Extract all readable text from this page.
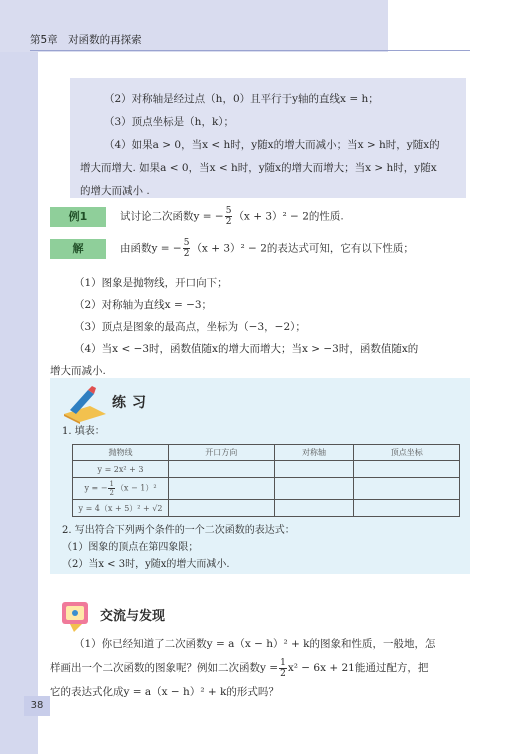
第5章　对函数的再探索

（2）对称轴是经过点（h，0）且平行于y轴的直线x = h；

（3）顶点坐标是（h，k）；

（4）如果a > 0，当x < h时，y随x的增大而减小；当x > h时，y随x的

增大而增大. 如果a < 0，当x < h时，y随x的增大而增大；当x > h时，y随x

的增大而减小 .

例1	试讨论二次函数y = − $\frac{5}{2} (x + 3)^2 - 2$的性质.
解	由函数y = − $\frac{5}{2} (x + 3)^2 - 2$的表达式可知，它有以下性质；

（1）图象是抛物线，开口向下；

（2）对称轴为直线x = −3；

（3）顶点是图象的最高点，坐标为（−3，−2）；

（4）当x < −3时，函数值随x的增大而增大；当x > −3时，函数值随x的

增大而减小.

练习
1. 填表：
抛物线	开口方向	对称轴	顶点坐标
y = 2x² + 3			
y = − $\frac{1}{2} (x - 1)^2$			
y = 4（x + 5）² + √2			
2. 写出符合下列两个条件的一个二次函数的表达式：
（1）图象的顶点在第四象限；
（2）当x < 3时，y随x的增大而减小.
交流与发现

（1）你已经知道了二次函数y = a（x − h）² + k的图象和性质，一般地，怎

样画出一个二次函数的图象呢？例如二次函数$y = \frac{1}{2} x^2 - 6x + 21$能通过配方，把

它的表达式化成y = a（x − h）² + k的形式吗？

38
